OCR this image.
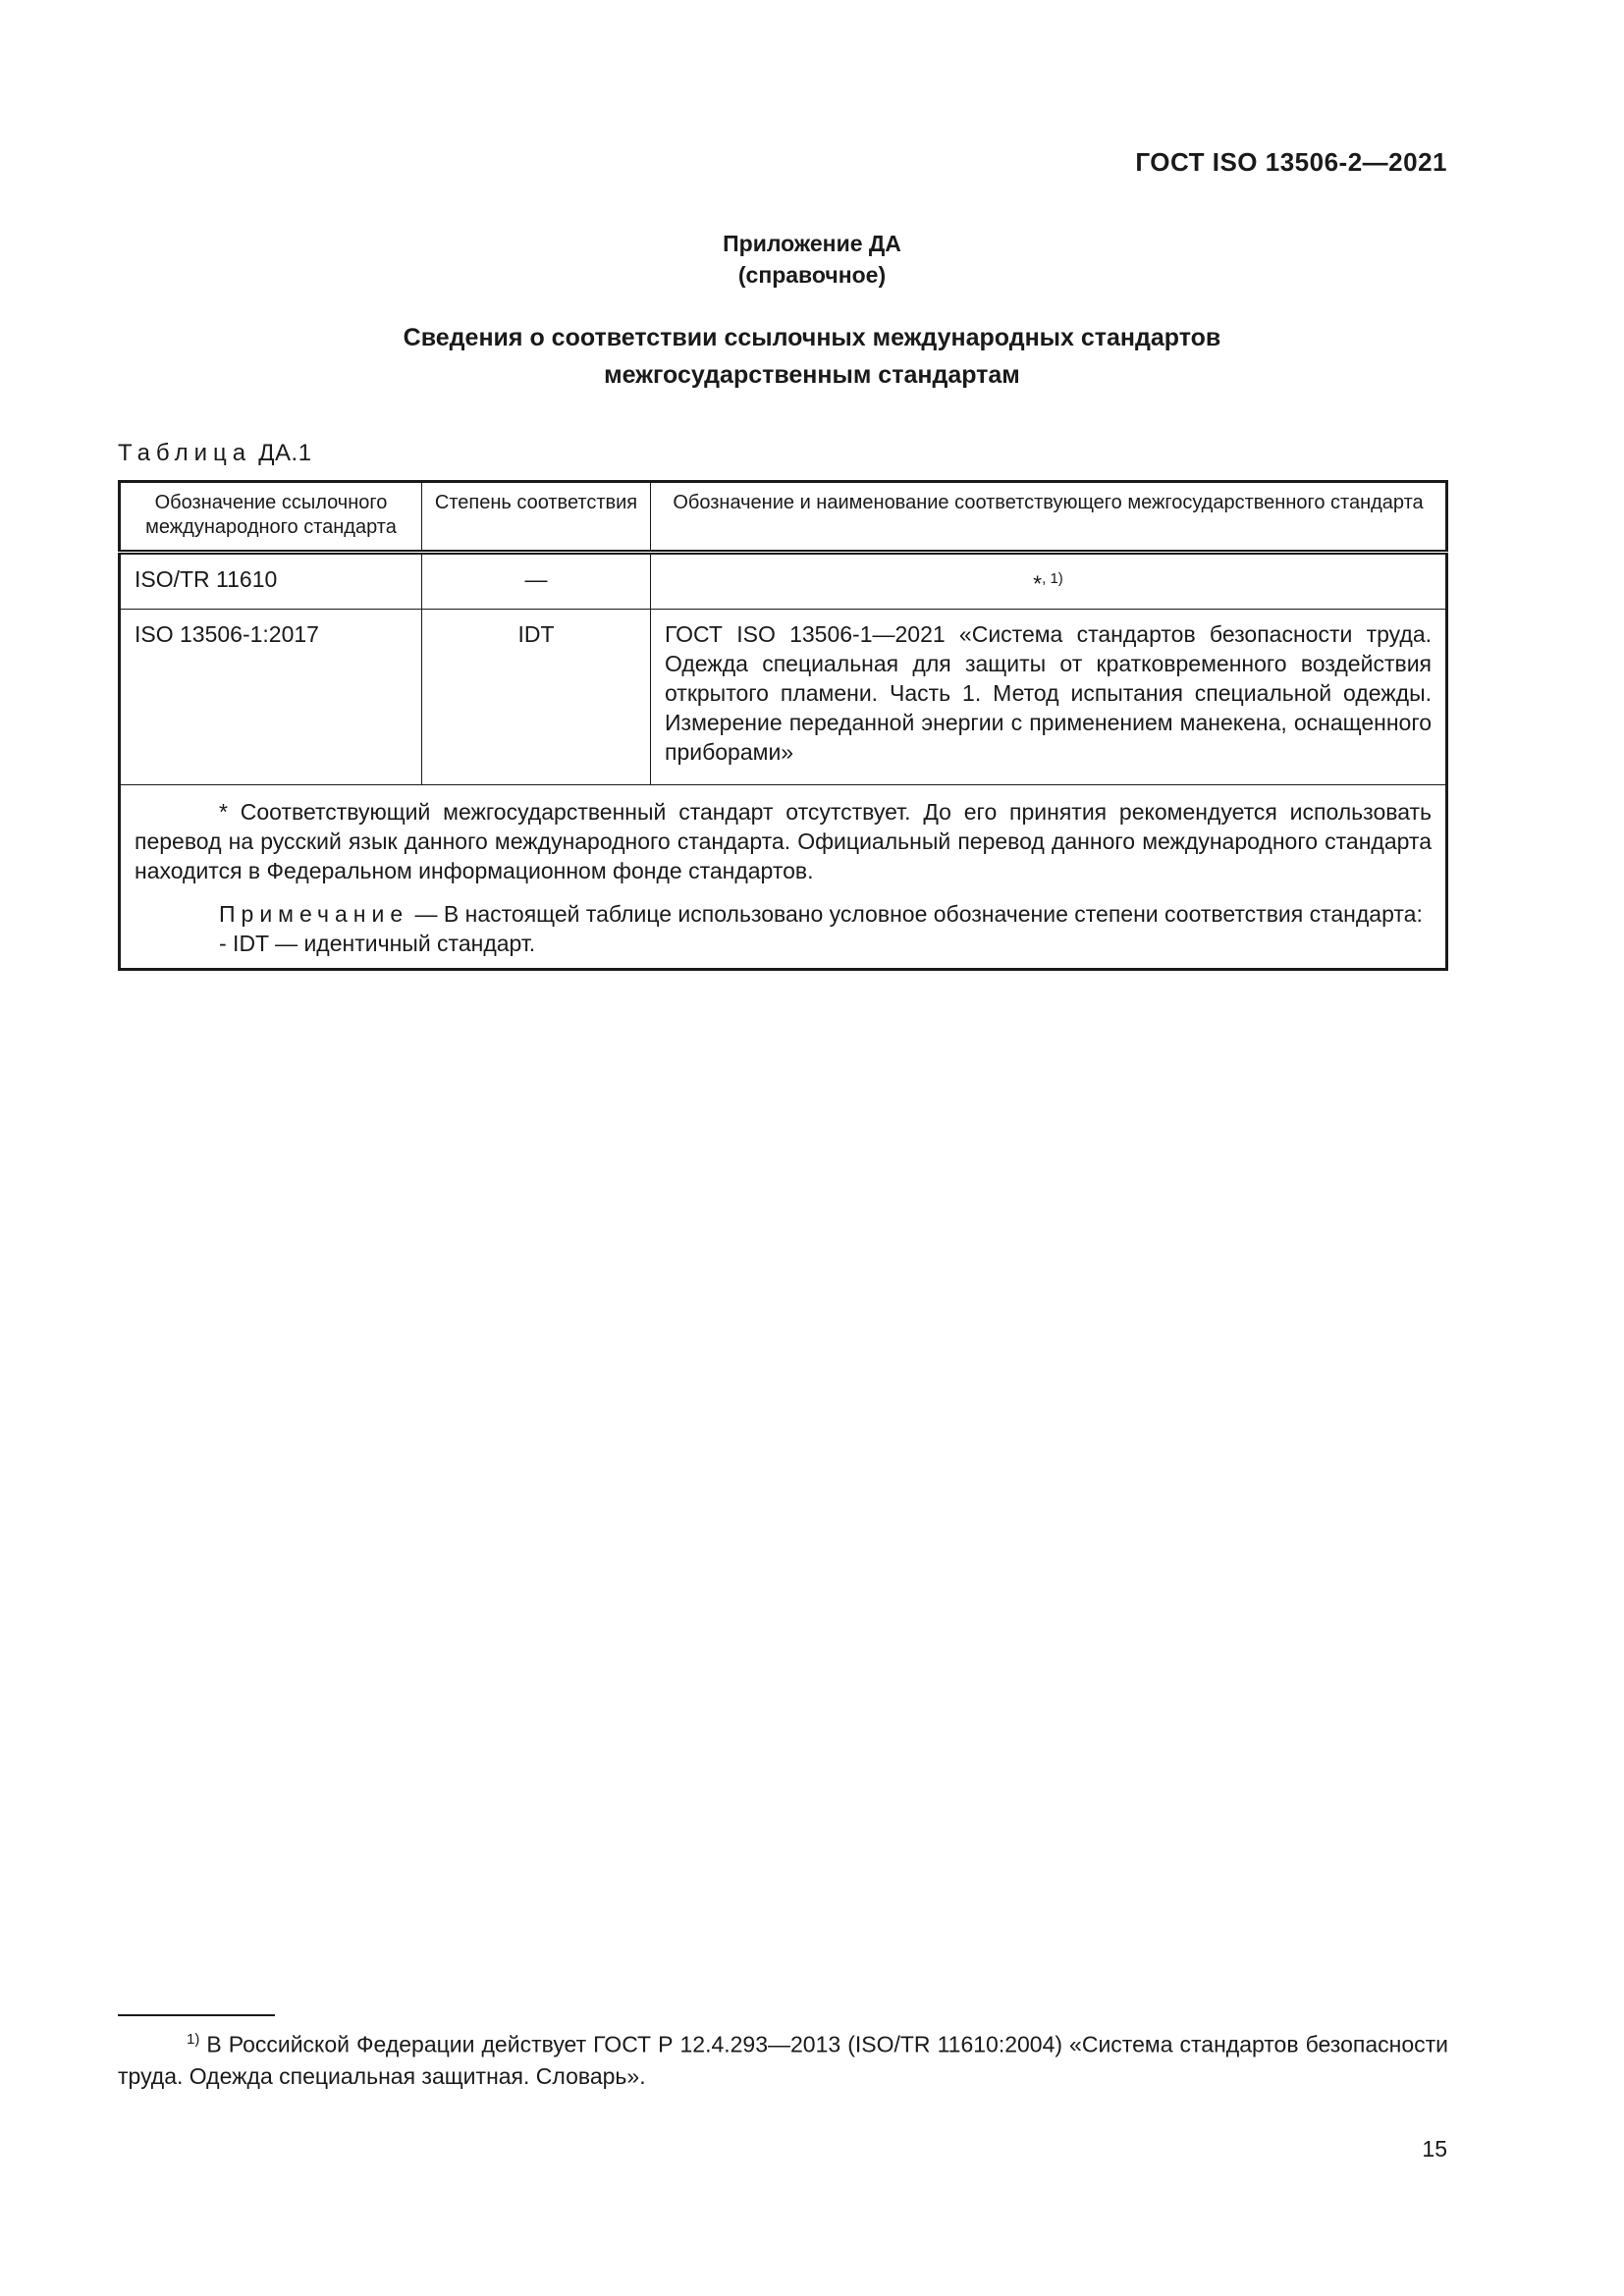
ГОСТ ISO 13506-2—2021
Приложение ДА
(справочное)
Сведения о соответствии ссылочных международных стандартов
межгосударственным стандартам
Таблица ДА.1
Обозначение ссылочного международного стандарта	Степень соответствия	Обозначение и наименование соответствующего межгосударственного стандарта
ISO/TR 11610	—	*$^{, 1)}$
ISO 13506-1:2017	IDT	ГОСТ ISO 13506-1—2021 «Система стандартов безопасности труда. Одежда специальная для защиты от кратковременного воздействия открытого пламени. Часть 1. Метод испытания специальной одежды. Измерение переданной энергии с применением манекена, оснащенного приборами»

* Соответствующий межгосударственный стандарт отсутствует. До его принятия рекомендуется использовать перевод на русский язык данного международного стандарта. Официальный перевод данного международного стандарта находится в Федеральном информационном фонде стандартов.

Примечание — В настоящей таблице использовано условное обозначение степени соответствия стандарта:

- IDT — идентичный стандарт.		

$^{1)}$ В Российской Федерации действует ГОСТ Р 12.4.293—2013 (ISO/TR 11610:2004) «Система стандартов безопасности труда. Одежда специальная защитная. Словарь».
15
